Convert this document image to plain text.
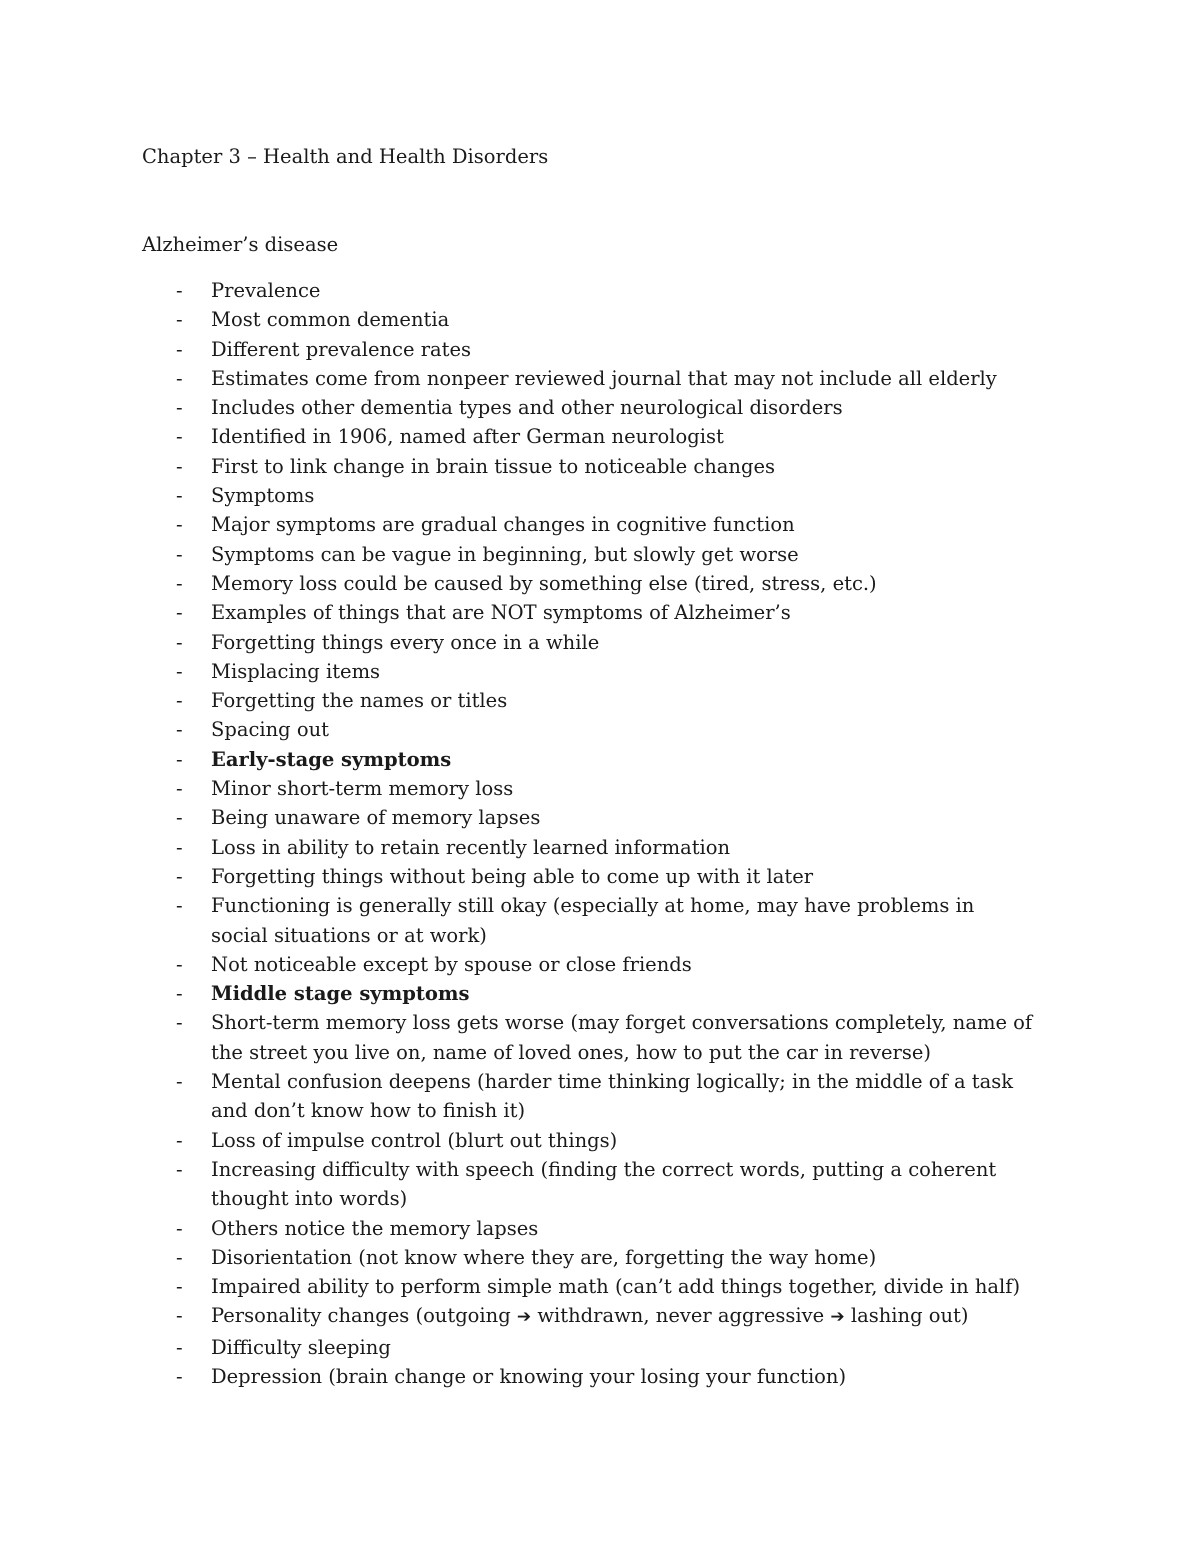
Chapter 3 – Health and Health Disorders
Alzheimer’s disease
- Prevalence
- Most common dementia
- Different prevalence rates
- Estimates come from nonpeer reviewed journal that may not include all elderly
- Includes other dementia types and other neurological disorders
- Identified in 1906, named after German neurologist
- First to link change in brain tissue to noticeable changes
- Symptoms
- Major symptoms are gradual changes in cognitive function
- Symptoms can be vague in beginning, but slowly get worse
- Memory loss could be caused by something else (tired, stress, etc.)
- Examples of things that are NOT symptoms of Alzheimer’s
- Forgetting things every once in a while
- Misplacing items
- Forgetting the names or titles
- Spacing out
- Early-stage symptoms
- Minor short-term memory loss
- Being unaware of memory lapses
- Loss in ability to retain recently learned information
- Forgetting things without being able to come up with it later
- Functioning is generally still okay (especially at home, may have problems in social situations or at work)
- Not noticeable except by spouse or close friends
- Middle stage symptoms
- Short-term memory loss gets worse (may forget conversations completely, name of the street you live on, name of loved ones, how to put the car in reverse)
- Mental confusion deepens (harder time thinking logically; in the middle of a task and don’t know how to finish it)
- Loss of impulse control (blurt out things)
- Increasing difficulty with speech (finding the correct words, putting a coherent thought into words)
- Others notice the memory lapses
- Disorientation (not know where they are, forgetting the way home)
- Impaired ability to perform simple math (can’t add things together, divide in half)
- Personality changes (outgoing ➔ withdrawn, never aggressive ➔ lashing out)
- Difficulty sleeping
- Depression (brain change or knowing your losing your function)
